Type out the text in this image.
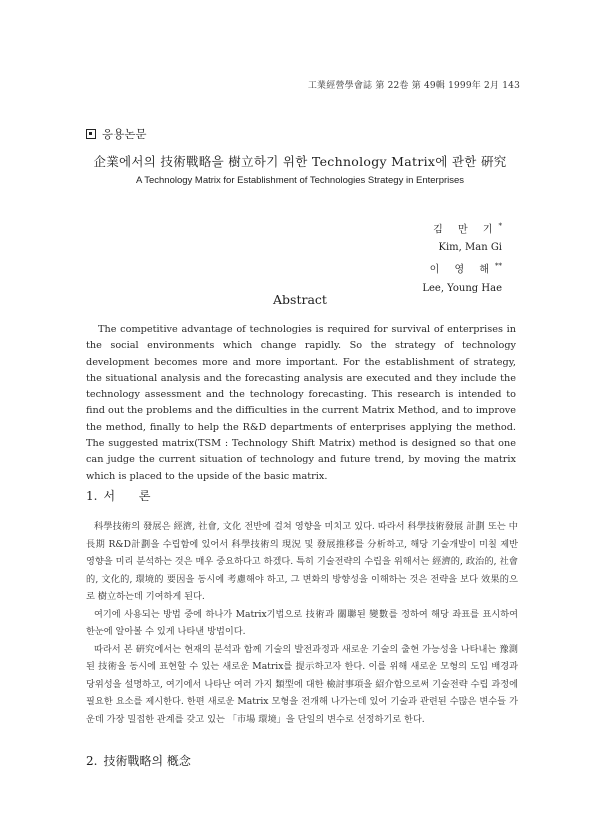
工業經營學會誌 第 22卷 第 49輯 1999年 2月 143
응용논문
企業에서의 技術戰略을 樹立하기 위한 Technology Matrix에 관한 硏究
A Technology Matrix for Establishment of Technologies Strategy in Enterprises
김 만 기*
Kim, Man Gi
이 영 해**
Lee, Young Hae
Abstract

The competitive advantage of technologies is required for survival of enterprises in the social environments which change rapidly. So the strategy of technology development becomes more and more important. For the establishment of strategy, the situational analysis and the forecasting analysis are executed and they include the technology assessment and the technology forecasting. This research is intended to find out the problems and the difficulties in the current Matrix Method, and to improve the method, finally to help the R&D departments of enterprises applying the method. The suggested matrix(TSM : Technology Shift Matrix) method is designed so that one can judge the current situation of technology and future trend, by moving the matrix which is placed to the upside of the basic matrix.

1. 서 론

科學技術의 發展은 經濟, 社會, 文化 전반에 걸쳐 영향을 미치고 있다. 따라서 科學技術發展 計劃 또는 中長期 R&D計劃을 수립함에 있어서 科學技術의 現況 및 發展推移를 分析하고, 해당 기술개발이 미칠 제반 영향을 미리 분석하는 것은 매우 중요하다고 하겠다. 특히 기술전략의 수립을 위해서는 經濟的, 政治的, 社會的, 文化的, 環境的 要因을 동시에 考慮해야 하고, 그 변화의 방향성을 이해하는 것은 전략을 보다 效果的으로 樹立하는데 기여하게 된다.

여기에 사용되는 방법 중에 하나가 Matrix기법으로 技術과 關聯된 變數를 정하여 해당 좌표를 표시하여 한눈에 알아볼 수 있게 나타낸 방법이다.

따라서 본 硏究에서는 현재의 분석과 함께 기술의 발전과정과 새로운 기술의 출현 가능성을 나타내는 豫測된 技術을 동시에 표현할 수 있는 새로운 Matrix를 提示하고자 한다. 이를 위해 새로운 모형의 도입 배경과 당위성을 설명하고, 여기에서 나타난 여러 가지 類型에 대한 檢討事項을 紹介함으로써 기술전략 수립 과정에 필요한 요소를 제시한다. 한편 새로운 Matrix 모형을 전개해 나가는데 있어 기술과 관련된 수많은 변수들 가운데 가장 밀접한 관계를 갖고 있는 「市場 環境」을 단일의 변수로 선정하기로 한다.

2. 技術戰略의 槪念
